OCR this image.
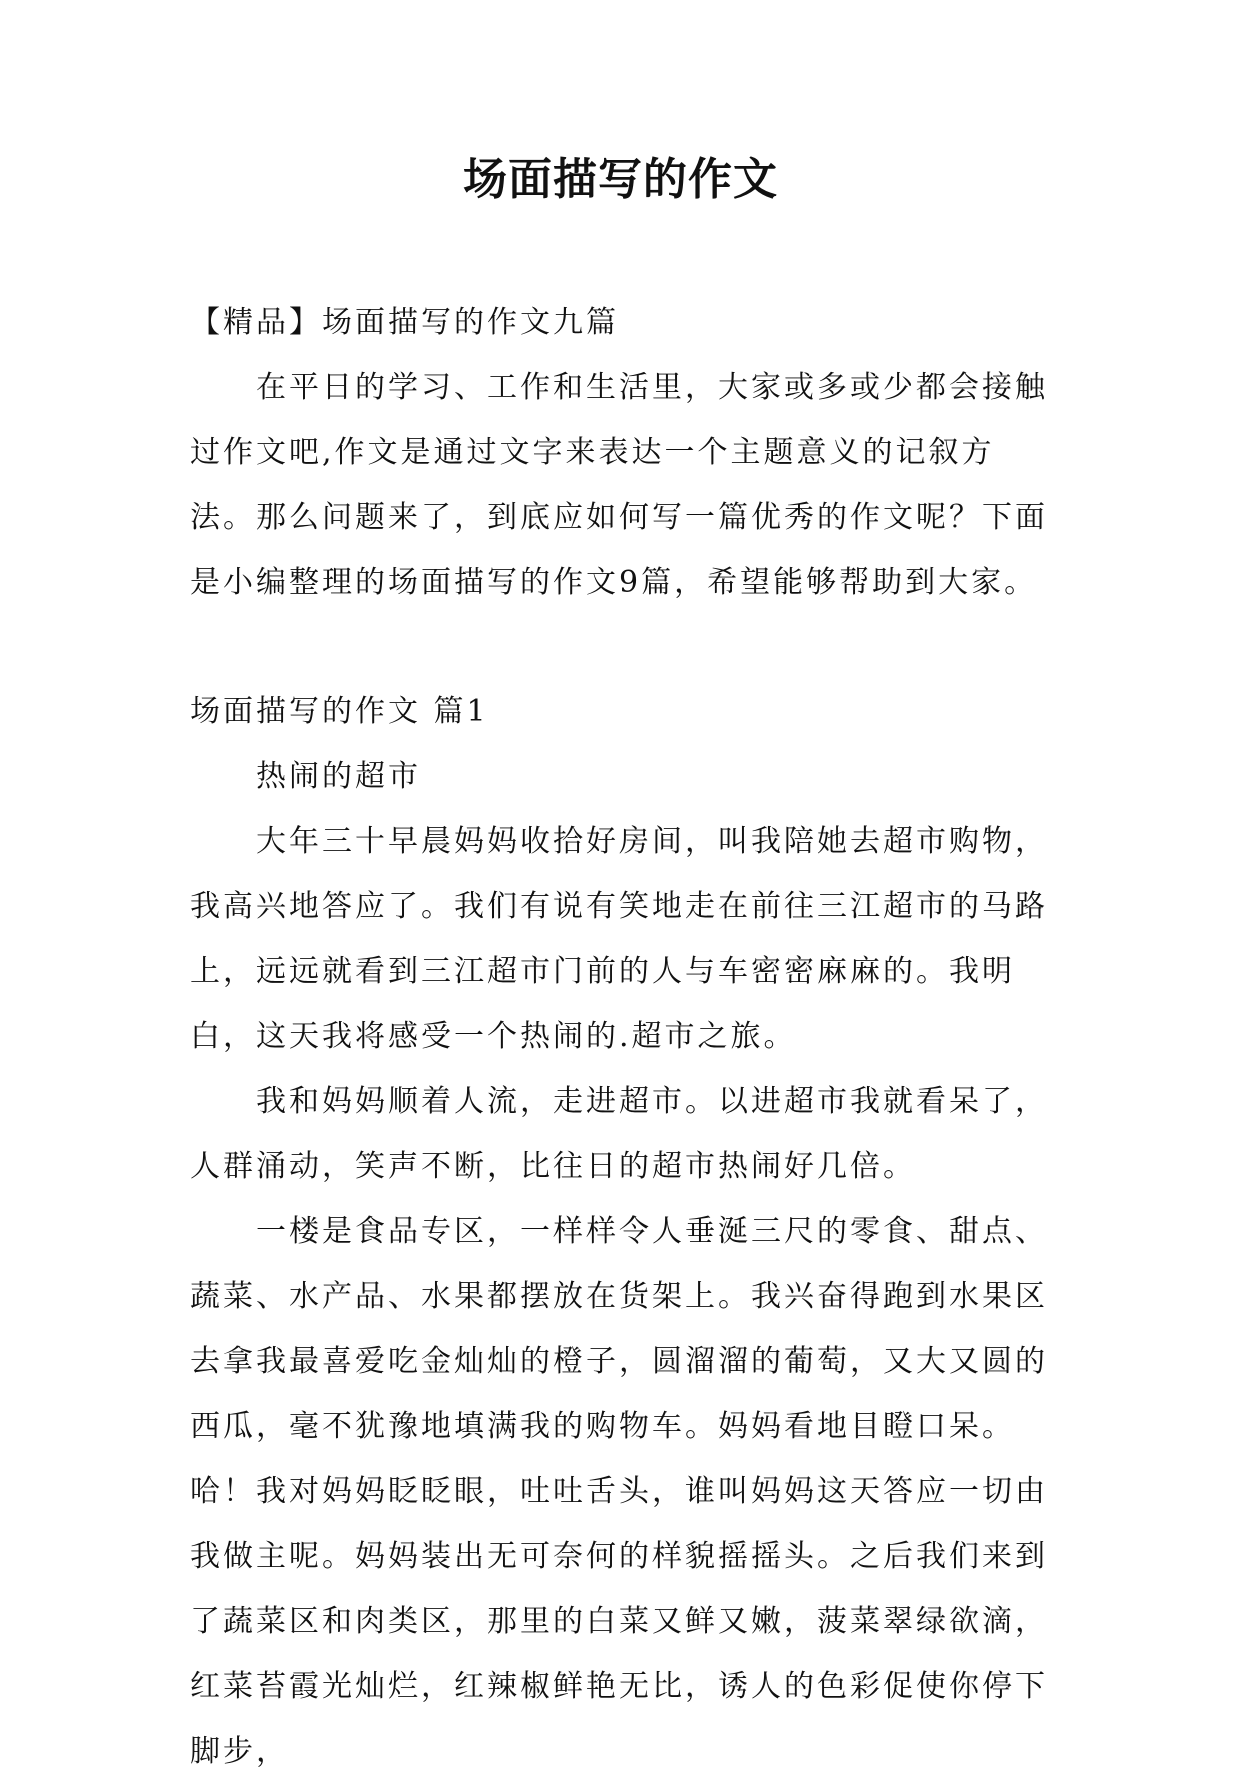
场面描写的作文

【精品】场面描写的作文九篇

在平日的学习、工作和生活里，大家或多或少都会接触过作文吧,作文是通过文字来表达一个主题意义的记叙方法。那么问题来了，到底应如何写一篇优秀的作文呢？下面是小编整理的场面描写的作文9篇，希望能够帮助到大家。

场面描写的作文 篇1

热闹的超市

大年三十早晨妈妈收拾好房间，叫我陪她去超市购物，我高兴地答应了。我们有说有笑地走在前往三江超市的马路上，远远就看到三江超市门前的人与车密密麻麻的。我明白，这天我将感受一个热闹的.超市之旅。

我和妈妈顺着人流，走进超市。以进超市我就看呆了，人群涌动，笑声不断，比往日的超市热闹好几倍。

一楼是食品专区，一样样令人垂涎三尺的零食、甜点、蔬菜、水产品、水果都摆放在货架上。我兴奋得跑到水果区去拿我最喜爱吃金灿灿的橙子，圆溜溜的葡萄，又大又圆的西瓜，毫不犹豫地填满我的购物车。妈妈看地目瞪口呆。哈！我对妈妈眨眨眼，吐吐舌头，谁叫妈妈这天答应一切由我做主呢。妈妈装出无可奈何的样貌摇摇头。之后我们来到了蔬菜区和肉类区，那里的白菜又鲜又嫩，菠菜翠绿欲滴，红菜苔霞光灿烂，红辣椒鲜艳无比，诱人的色彩促使你停下脚步，
